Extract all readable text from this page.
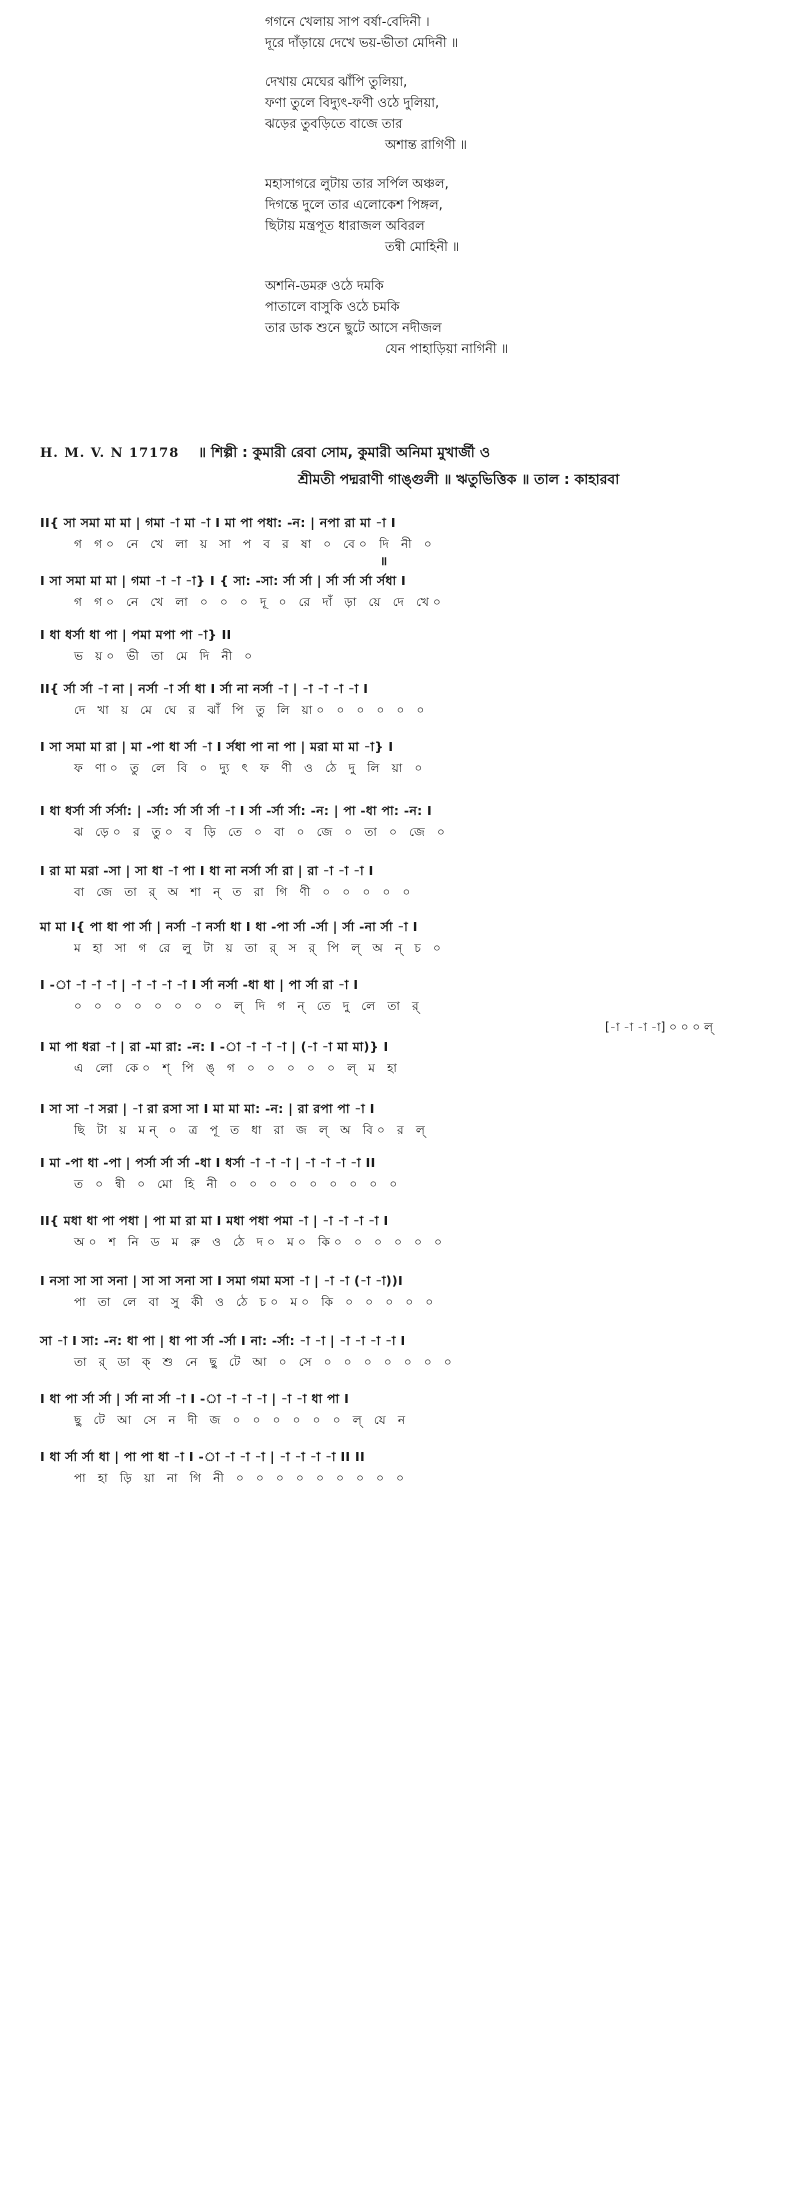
গগনে খেলায় সাপ বর্ষা-বেদিনী ।
দূরে দাঁড়ায়ে দেখে ভয়-ভীতা মেদিনী ॥
দেখায় মেঘের ঝাঁপি তুলিয়া,
ফণা তুলে বিদ্যুৎ-ফণী ওঠে দুলিয়া,
ঝড়ের তুবড়িতে বাজে তার
অশান্ত রাগিণী ॥
মহাসাগরে লুটায় তার সর্পিল অঞ্চল,
দিগন্তে দুলে তার এলোকেশ পিঙ্গল,
ছিটায় মন্ত্রপূত ধারাজল অবিরল
তন্বী মোহিনী ॥
অশনি-ডমরু ওঠে দমকি
পাতালে বাসুকি ওঠে চমকি
তার ডাক শুনে ছুটে আসে নদীজল
যেন পাহাড়িয়া নাগিনী ॥
H. M. V. N 17178 ॥ শিল্পী : কুমারী রেবা সোম, কুমারী অনিমা মুখার্জী ও
শ্রীমতী পদ্মরাণী গাঙ্গুলী ॥ ঋতুভিত্তিক ॥ তাল : কাহারবা
II{ সা সমা মা মা | গমা -া মা -া I মা পা পধা: -ন: | নপা রা মা -া I
গ গ০ নে খে লা য় সা প ব র ষা ০ বে০ দি নী ০
॥
I সা সমা মা মা | গমা -া -া -া} I { সা: -সা: র্সা র্সা | র্সা র্সা র্সা র্সধা I
গ গ০ নে খে লা ০ ০ ০ দূ ০ রে দাঁ ড়া য়ে দে খে০
I ধা ধর্সা ধা পা | পমা মপা পা -া} II
ভ য়০ ভী তা মে দি নী ০
II{ র্সা র্সা -া না | নর্সা -া র্সা ধা I র্সা না নর্সা -া | -া -া -া -া I
দে খা য় মে ঘে র ঝাঁ পি তু লি য়া০ ০ ০ ০ ০ ০
I সা সমা মা রা | মা -পা ধা র্সা -া I র্সধা পা না পা | মরা মা মা -া} I
ফ ণা০ তু লে বি ০ দ্যু ৎ ফ ণী ও ঠে দু লি য়া ০
I ধা ধর্সা র্সা র্সর্সা: | -র্সা: র্সা র্সা র্সা -া I র্সা -র্সা র্সা: -ন: | পা -ধা পা: -ন: I
ঝ ড়ে০ র তু০ ব ড়ি তে ০ বা ০ জে ০ তা ০ জে ০
I রা মা মরা -সা | সা ধা -া পা I ধা না নর্সা র্সা রা | রা -া -া -া I
বা জে তা র্ অ শা ন্ ত রা গি ণী ০ ০ ০ ০ ০
মা মা I{ পা ধা পা র্সা | নর্সা -া নর্সা ধা I ধা -পা র্সা -র্সা | র্সা -না র্সা -া I
ম হা সা গ রে লু টা য় তা র্ স র্ পি ল্ অ ন্ চ ০
I -া -া -া -া | -া -া -া -া I র্সা নর্সা -ধা ধা | পা র্সা রা -া I
০ ০ ০ ০ ০ ০ ০ ০ ল্ দি গ ন্ তে দু লে তা র্
[-া -া -া -া] ০ ০ ০ ল্
I মা পা ধরা -া | রা -মা রা: -ন: I -া -া -া -া | (-া -া মা মা)} I
এ লো কে০ শ্ পি ঙ্ গ ০ ০ ০ ০ ০ ল্ ম হা
I সা সা -া সরা | -া রা রসা সা I মা মা মা: -ন: | রা রপা পা -া I
ছি টা য় মন্ ০ ত্র পূ ত ধা রা জ ল্ অ বি০ র ল্
I মা -পা ধা -পা | পর্সা র্সা র্সা -ধা I ধর্সা -া -া -া | -া -া -া -া II
ত ০ ন্বী ০ মো হি নী ০ ০ ০ ০ ০ ০ ০ ০ ০
II{ মধা ধা পা পধা | পা মা রা মা I মধা পধা পমা -া | -া -া -া -া I
অ০ শ নি ড ম রু ও ঠে দ০ ম০ কি০ ০ ০ ০ ০ ০
I নসা সা সা সনা | সা সা সনা সা I সমা গমা মসা -া | -া -া (-া -া))I
পা তা লে বা সু কী ও ঠে চ০ ম০ কি ০ ০ ০ ০ ০
সা -া I সা: -ন: ধা পা | ধা পা র্সা -র্সা I না: -র্সা: -া -া | -া -া -া -া I
তা র্ ডা ক্ শু নে ছু টে আ ০ সে ০ ০ ০ ০ ০ ০ ০
I ধা পা র্সা র্সা | র্সা না র্সা -া I -া -া -া -া | -া -া ধা পা I
ছু টে আ সে ন দী জ ০ ০ ০ ০ ০ ০ ল্ যে ন
I ধা র্সা র্সা ধা | পা পা ধা -া I -া -া -া -া | -া -া -া -া II II
পা হা ড়ি য়া না গি নী ০ ০ ০ ০ ০ ০ ০ ০ ০
